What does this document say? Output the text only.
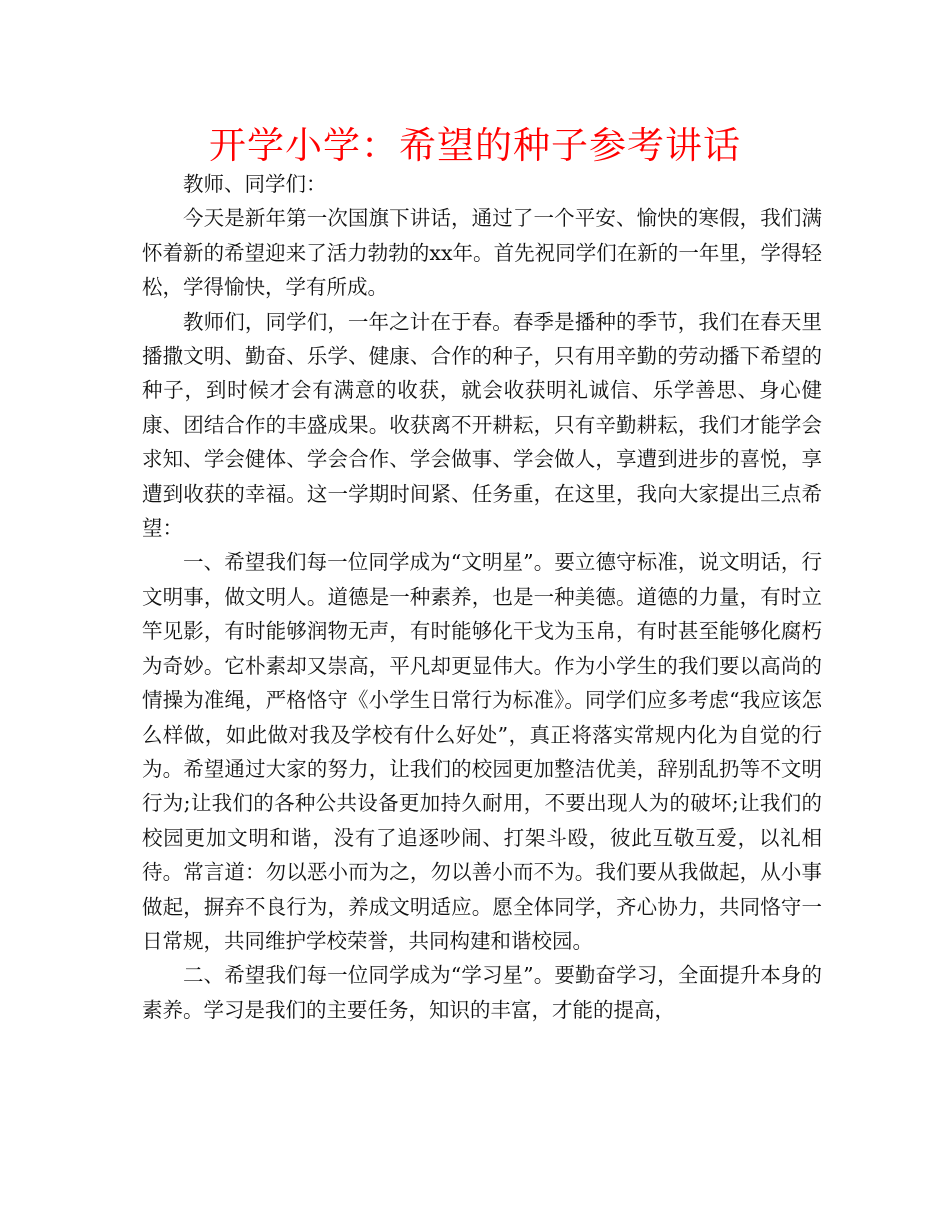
开学小学：希望的种子参考讲话

教师、同学们：

今天是新年第一次国旗下讲话，通过了一个平安、愉快的寒假，我们满怀着新的希望迎来了活力勃勃的xx年。首先祝同学们在新的一年里，学得轻松，学得愉快，学有所成。

教师们，同学们，一年之计在于春。春季是播种的季节，我们在春天里播撒文明、勤奋、乐学、健康、合作的种子，只有用辛勤的劳动播下希望的种子，到时候才会有满意的收获，就会收获明礼诚信、乐学善思、身心健康、团结合作的丰盛成果。收获离不开耕耘，只有辛勤耕耘，我们才能学会求知、学会健体、学会合作、学会做事、学会做人，享遭到进步的喜悦，享遭到收获的幸福。这一学期时间紧、任务重，在这里，我向大家提出三点希望：

一、希望我们每一位同学成为“文明星”。要立德守标准，说文明话，行文明事，做文明人。道德是一种素养，也是一种美德。道德的力量，有时立竿见影，有时能够润物无声，有时能够化干戈为玉帛，有时甚至能够化腐朽为奇妙。它朴素却又崇高，平凡却更显伟大。作为小学生的我们要以高尚的情操为准绳，严格恪守《小学生日常行为标准》。同学们应多考虑“我应该怎么样做，如此做对我及学校有什么好处”，真正将落实常规内化为自觉的行为。希望通过大家的努力，让我们的校园更加整洁优美，辞别乱扔等不文明行为;让我们的各种公共设备更加持久耐用，不要出现人为的破坏;让我们的校园更加文明和谐，没有了追逐吵闹、打架斗殴，彼此互敬互爱，以礼相待。常言道：勿以恶小而为之，勿以善小而不为。我们要从我做起，从小事做起，摒弃不良行为，养成文明适应。愿全体同学，齐心协力，共同恪守一日常规，共同维护学校荣誉，共同构建和谐校园。

二、希望我们每一位同学成为“学习星”。要勤奋学习，全面提升本身的素养。学习是我们的主要任务，知识的丰富，才能的提高，
